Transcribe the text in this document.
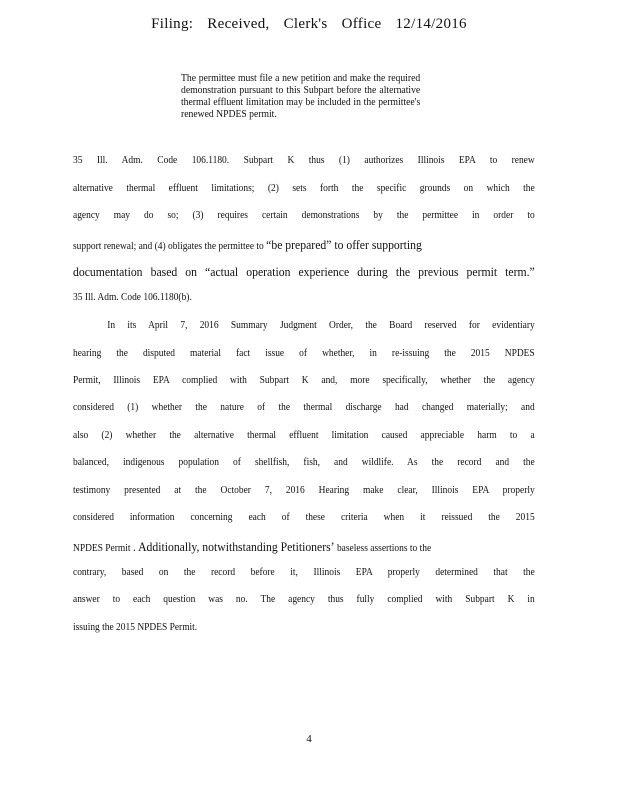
Filing: Received, Clerk's Office 12/14/2016
The permittee must file a new petition and make the required demonstration pursuant to this Subpart before the alternative thermal effluent limitation may be included in the permittee's renewed NPDES permit.
35 Ill. Adm. Code 106.1180. Subpart K thus (1) authorizes Illinois EPA to renew
alternative thermal effluent limitations; (2) sets forth the specific grounds on which the
agency may do so; (3) requires certain demonstrations by the permittee in order to
support renewal; and (4) obligates the permittee to “be prepared” to offer supporting
documentation based on “actual operation experience during the previous permit term.”
35 Ill. Adm. Code 106.1180(b).
In its April 7, 2016 Summary Judgment Order, the Board reserved for evidentiary
hearing the disputed material fact issue of whether, in re-issuing the 2015 NPDES
Permit, Illinois EPA complied with Subpart K and, more specifically, whether the agency
considered (1) whether the nature of the thermal discharge had changed materially; and
also (2) whether the alternative thermal effluent limitation caused appreciable harm to a
balanced, indigenous population of shellfish, fish, and wildlife. As the record and the
testimony presented at the October 7, 2016 Hearing make clear, Illinois EPA properly
considered information concerning each of these criteria when it reissued the 2015
NPDES Permit . Additionally, notwithstanding Petitioners’ baseless assertions to the
contrary, based on the record before it, Illinois EPA properly determined that the
answer to each question was no. The agency thus fully complied with Subpart K in
issuing the 2015 NPDES Permit.
4
